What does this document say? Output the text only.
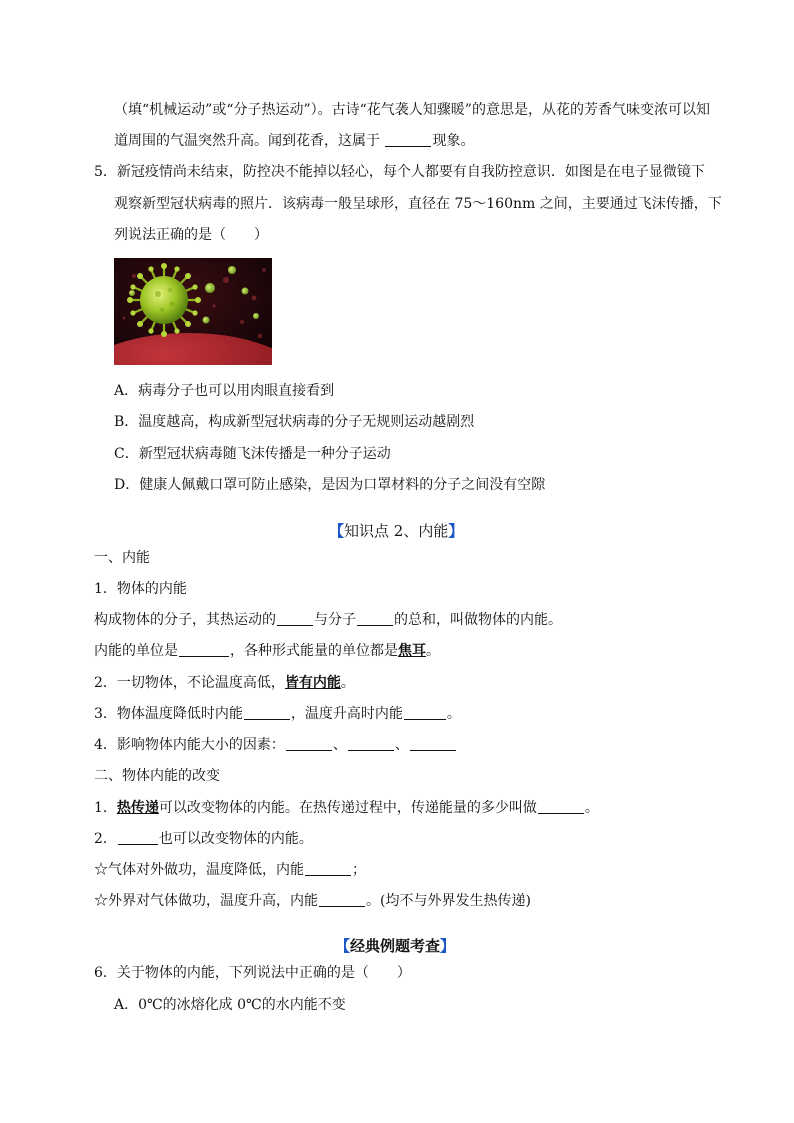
（填“机械运动”或“分子热运动”）。古诗“花气袭人知骤暖”的意思是，从花的芳香气味变浓可以知
道周围的气温突然升高。闻到花香，这属于	现象。
5．新冠疫情尚未结束，防控决不能掉以轻心，每个人都要有自我防控意识．如图是在电子显微镜下
观察新型冠状病毒的照片．该病毒一般呈球形，直径在 75～160nm 之间，主要通过飞沫传播，下
列说法正确的是（　　）
A．病毒分子也可以用肉眼直接看到
B．温度越高，构成新型冠状病毒的分子无规则运动越剧烈
C．新型冠状病毒随飞沫传播是一种分子运动
D．健康人佩戴口罩可防止感染，是因为口罩材料的分子之间没有空隙
【知识点 2、内能】
一、内能
1．物体的内能
构成物体的分子，其热运动的	与分子	的总和，叫做物体的内能。
内能的单位是	，各种形式能量的单位都是焦耳。
2．一切物体，不论温度高低，皆有内能。
3．物体温度降低时内能	，温度升高时内能	。
4．影响物体内能大小的因素：	、	、
二、物体内能的改变
1．热传递可以改变物体的内能。在热传递过程中，传递能量的多少叫做	。
2．	也可以改变物体的内能。
☆气体对外做功，温度降低，内能	；
☆外界对气体做功，温度升高，内能	。(均不与外界发生热传递)
【经典例题考查】
6．关于物体的内能，下列说法中正确的是（　　）
A．0℃的冰熔化成 0℃的水内能不变
